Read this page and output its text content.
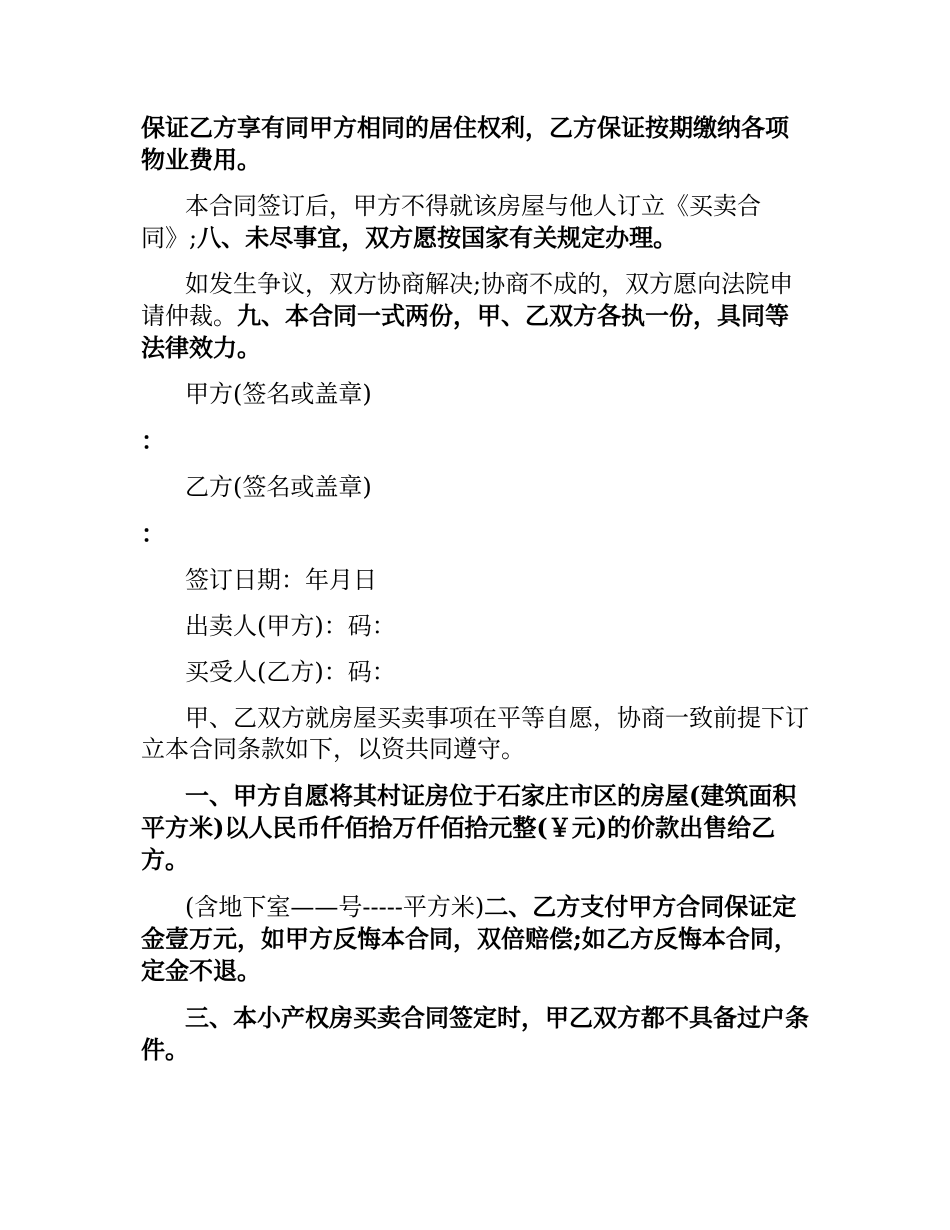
保证乙方享有同甲方相同的居住权利，乙方保证按期缴纳各项物业费用。

本合同签订后，甲方不得就该房屋与他人订立《买卖合同》;八、未尽事宜，双方愿按国家有关规定办理。

如发生争议，双方协商解决;协商不成的，双方愿向法院申请仲裁。九、本合同一式两份，甲、乙双方各执一份，具同等法律效力。

甲方(签名或盖章)

：

乙方(签名或盖章)

：

签订日期：年月日

出卖人(甲方)：码：

买受人(乙方)：码：

甲、乙双方就房屋买卖事项在平等自愿，协商一致前提下订立本合同条款如下，以资共同遵守。

一、甲方自愿将其村证房位于石家庄市区的房屋(建筑面积平方米)以人民币仟佰拾万仟佰拾元整(￥元)的价款出售给乙方。

(含地下室——号-----平方米)二、乙方支付甲方合同保证定金壹万元，如甲方反悔本合同，双倍赔偿;如乙方反悔本合同，定金不退。

三、本小产权房买卖合同签定时，甲乙双方都不具备过户条件。
